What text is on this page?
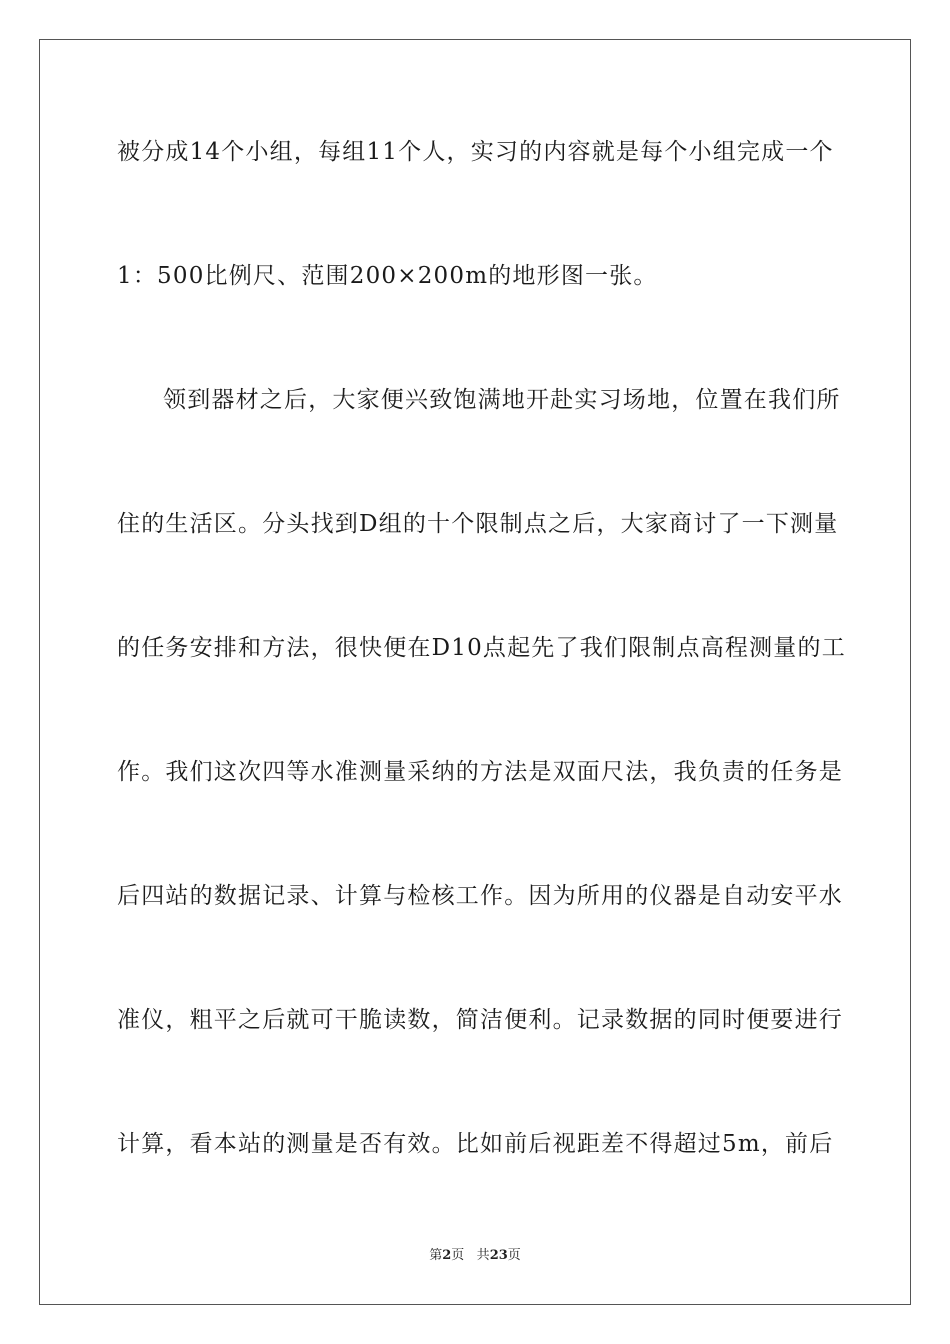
被分成14个小组，每组11个人，实习的内容就是每个小组完成一个
1：500比例尺、范围200×200m的地形图一张。
领到器材之后，大家便兴致饱满地开赴实习场地，位置在我们所
住的生活区。分头找到D组的十个限制点之后，大家商讨了一下测量
的任务安排和方法，很快便在D10点起先了我们限制点高程测量的工
作。我们这次四等水准测量采纳的方法是双面尺法，我负责的任务是
后四站的数据记录、计算与检核工作。因为所用的仪器是自动安平水
准仪，粗平之后就可干脆读数，简洁便利。记录数据的同时便要进行
计算，看本站的测量是否有效。比如前后视距差不得超过5m，前后
第2页 共23页
